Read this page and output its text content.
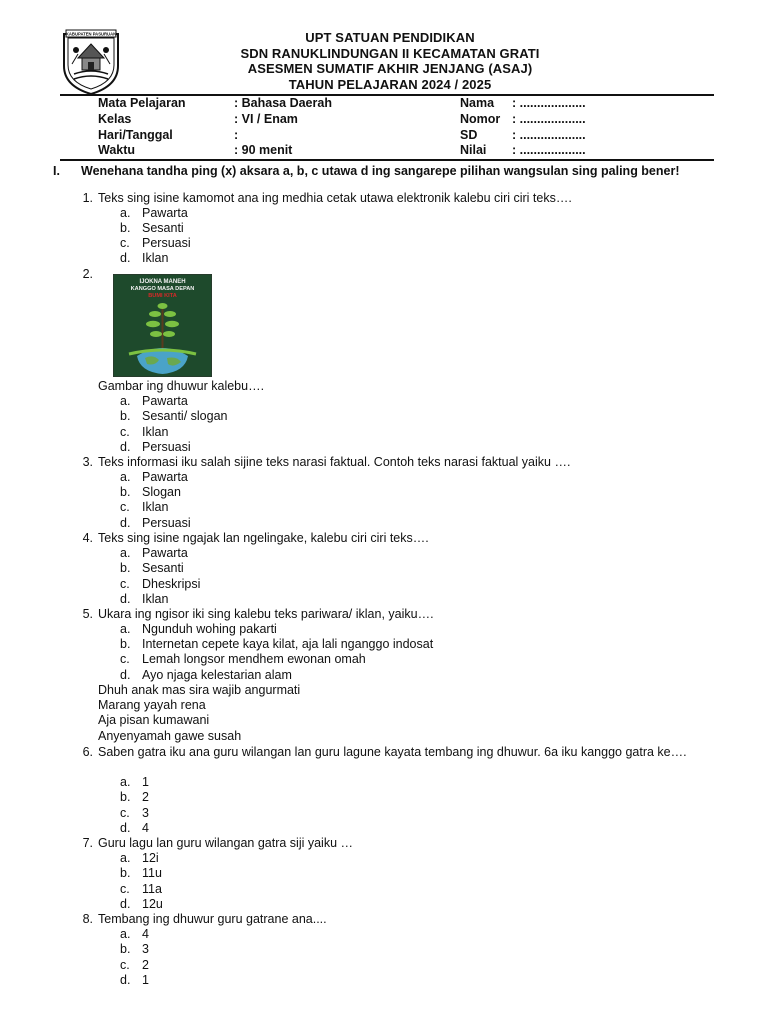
KABUPATEN PASURUAN	UPT SATUAN PENDIDIKAN
SDN RANUKLINDUNGAN II KECAMATAN GRATI
ASESMEN SUMATIF AKHIR JENJANG (ASAJ)
TAHUN PELAJARAN 2024 / 2025
Mata Pelajaran
Kelas
Hari/Tanggal
Waktu
: Bahasa Daerah
: VI / Enam
:
: 90 menit
Nama
Nomor
SD
Nilai
: ...................
: ...................
: ...................
: ...................
I. Wenehana tandha ping (x) aksara a, b, c utawa d ing sangarepe pilihan wangsulan sing paling bener!
1. Teks sing isine kamomot ana ing medhia cetak utawa elektronik kalebu ciri ciri teks….
a. Pawarta
b. Sesanti
c. Persuasi
d. Iklan
2.
IJOKNA MANEH
KANGGO MASA DEPAN
BUMI KITA
Gambar ing dhuwur kalebu….
a. Pawarta
b. Sesanti/ slogan
c. Iklan
d. Persuasi
3. Teks informasi iku salah sijine teks narasi faktual. Contoh teks narasi faktual yaiku ….
a. Pawarta
b. Slogan
c. Iklan
d. Persuasi
4. Teks sing isine ngajak lan ngelingake, kalebu ciri ciri teks….
a. Pawarta
b. Sesanti
c. Dheskripsi
d. Iklan
5. Ukara ing ngisor iki sing kalebu teks pariwara/ iklan, yaiku….
a. Ngunduh wohing pakarti
b. Internetan cepete kaya kilat, aja lali nganggo indosat
c. Lemah longsor mendhem ewonan omah
d. Ayo njaga kelestarian alam
Dhuh anak mas sira wajib angurmati
Marang yayah rena
Aja pisan kumawani
Anyenyamah gawe susah
6. Saben gatra iku ana guru wilangan lan guru lagune kayata tembang ing dhuwur. 6a iku kanggo gatra ke….
a. 1
b. 2
c. 3
d. 4
7. Guru lagu lan guru wilangan gatra siji yaiku …
a. 12i
b. 11u
c. 11a
d. 12u
8. Tembang ing dhuwur guru gatrane ana....
a. 4
b. 3
c. 2
d. 1
